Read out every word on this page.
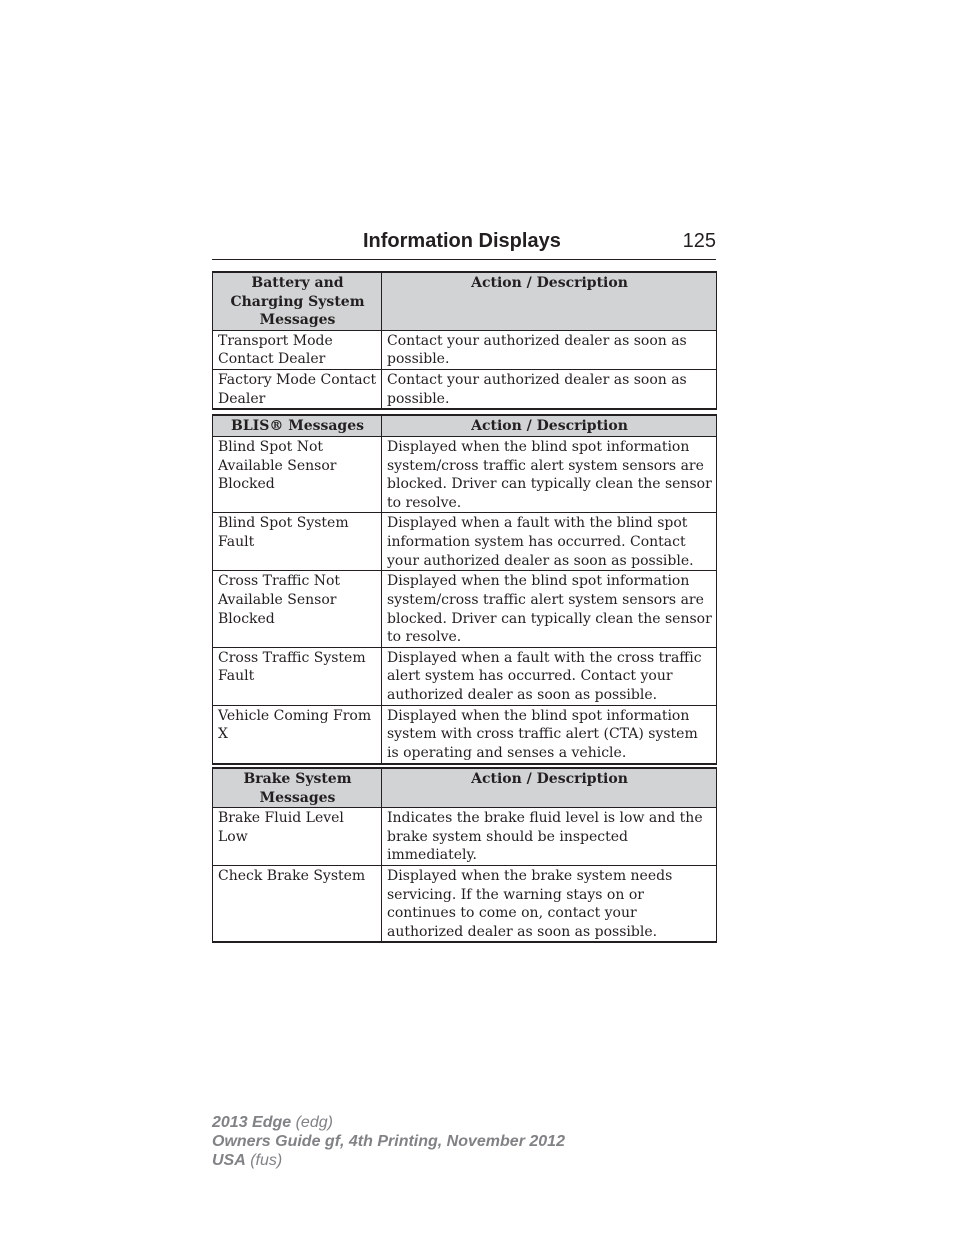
Information Displays	125
Battery and Charging System Messages	Action / Description
Transport Mode Contact Dealer	Contact your authorized dealer as soon as possible.
Factory Mode Contact Dealer	Contact your authorized dealer as soon as possible.
BLIS® Messages	Action / Description
Blind Spot Not Available Sensor Blocked	Displayed when the blind spot information system/cross traffic alert system sensors are blocked. Driver can typically clean the sensor to resolve.
Blind Spot System Fault	Displayed when a fault with the blind spot information system has occurred. Contact your authorized dealer as soon as possible.
Cross Traffic Not Available Sensor Blocked	Displayed when the blind spot information system/cross traffic alert system sensors are blocked. Driver can typically clean the sensor to resolve.
Cross Traffic System Fault	Displayed when a fault with the cross traffic alert system has occurred. Contact your authorized dealer as soon as possible.
Vehicle Coming From X	Displayed when the blind spot information system with cross traffic alert (CTA) system is operating and senses a vehicle.
Brake System Messages	Action / Description
Brake Fluid Level Low	Indicates the brake fluid level is low and the brake system should be inspected immediately.
Check Brake System	Displayed when the brake system needs servicing. If the warning stays on or continues to come on, contact your authorized dealer as soon as possible.
2013 Edge (edg)
Owners Guide gf, 4th Printing, November 2012
USA (fus)
